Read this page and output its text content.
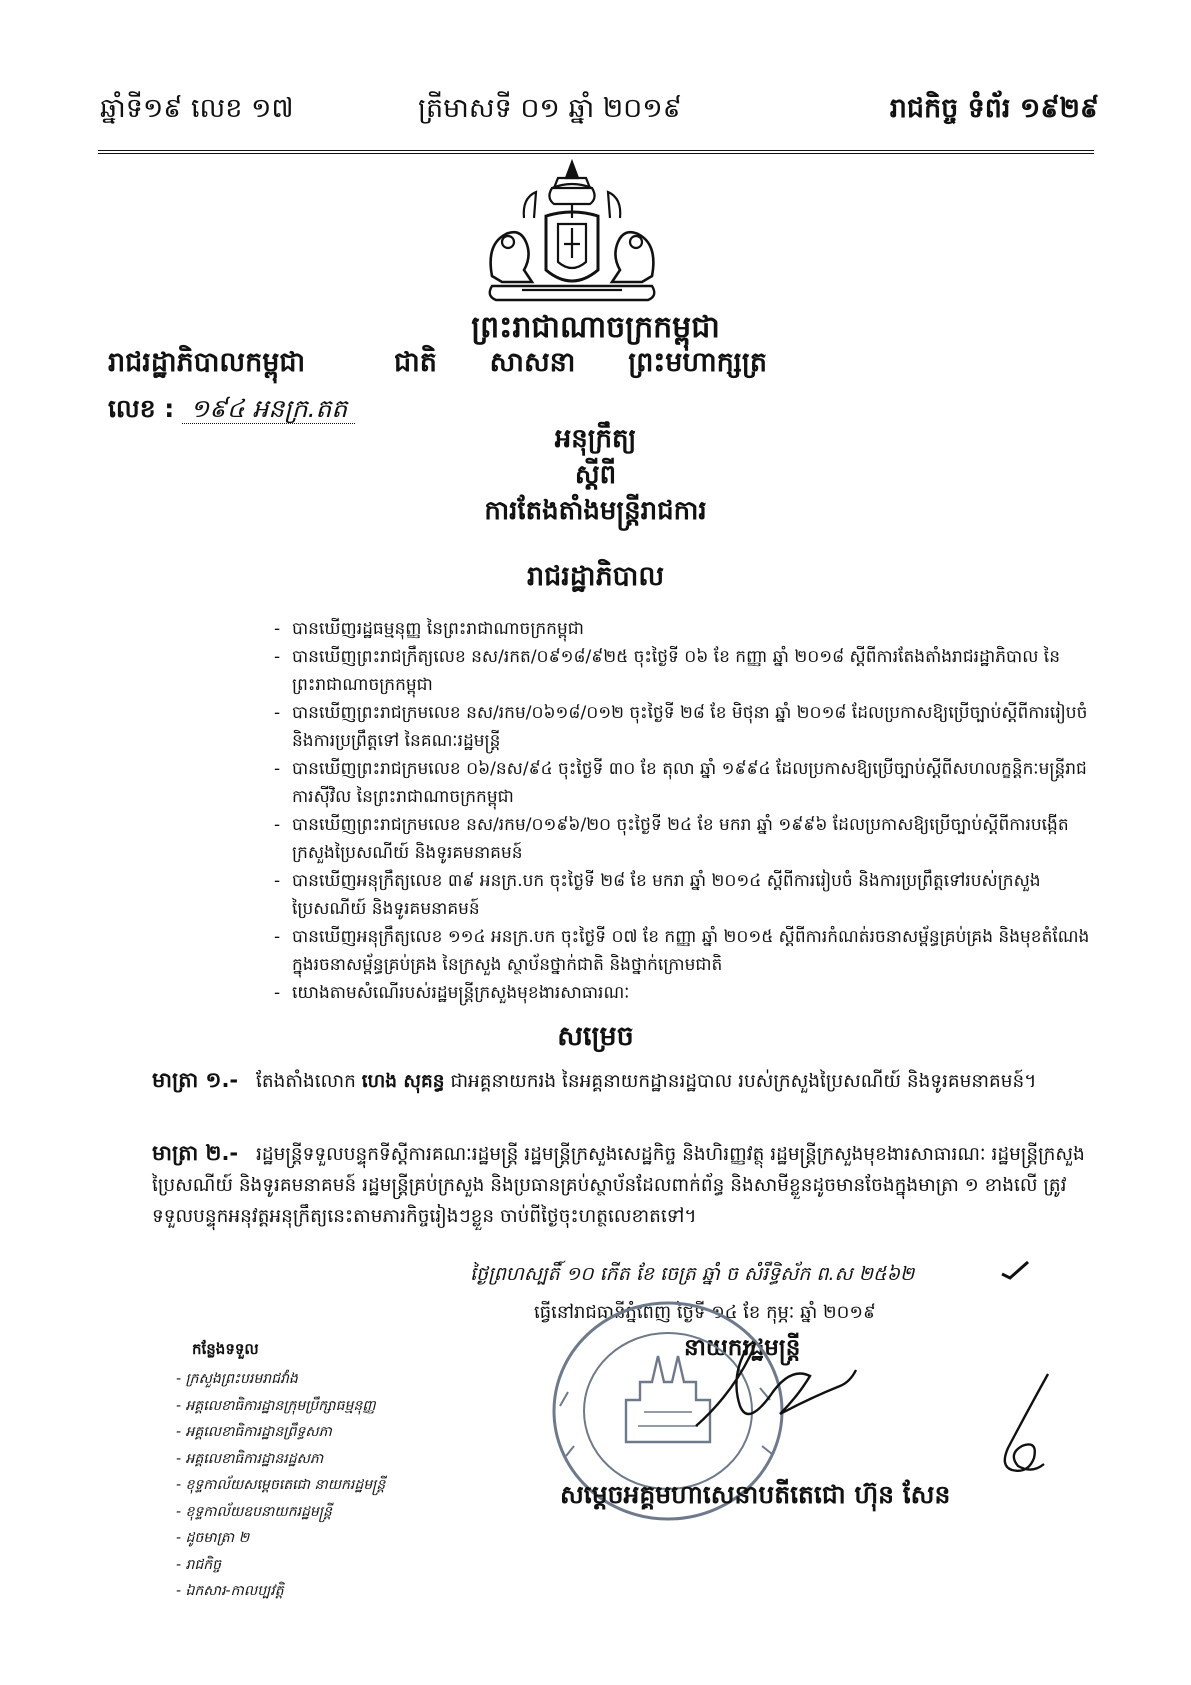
ឆ្នាំទី១៩ លេខ ១៧	ត្រីមាសទី ០១ ឆ្នាំ ២០១៩	រាជកិច្ច ទំព័រ ១៩២៩
ព្រះរាជាណាចក្រកម្ពុជា
រាជរដ្ឋាភិបាលកម្ពុជា	ជាតិ សាសនា ព្រះមហាក្សត្រ
លេខ : ១៩៤ អនក្រ.តត
អនុក្រឹត្យ
ស្តីពី
ការតែងតាំងមន្ត្រីរាជការ
រាជរដ្ឋាភិបាល
- បានឃើញរដ្ឋធម្មនុញ្ញ នៃព្រះរាជាណាចក្រកម្ពុជា
- បានឃើញព្រះរាជក្រឹត្យលេខ នស/រកត/០៩១៨/៩២៥ ចុះថ្ងៃទី ០៦ ខែ កញ្ញា ឆ្នាំ ២០១៨ ស្តីពីការតែងតាំងរាជរដ្ឋាភិបាល នៃព្រះរាជាណាចក្រកម្ពុជា
- បានឃើញព្រះរាជក្រមលេខ នស/រកម/០៦១៨/០១២ ចុះថ្ងៃទី ២៨ ខែ មិថុនា ឆ្នាំ ២០១៨ ដែលប្រកាសឱ្យប្រើច្បាប់ស្តីពីការរៀបចំ និងការប្រព្រឹត្តទៅ នៃគណៈរដ្ឋមន្ត្រី
- បានឃើញព្រះរាជក្រមលេខ ០៦/នស/៩៤ ចុះថ្ងៃទី ៣០ ខែ តុលា ឆ្នាំ ១៩៩៤ ដែលប្រកាសឱ្យប្រើច្បាប់ស្តីពីសហលក្ខន្តិកៈមន្ត្រីរាជការស៊ីវិល នៃព្រះរាជាណាចក្រកម្ពុជា
- បានឃើញព្រះរាជក្រមលេខ នស/រកម/០១៩៦/២០ ចុះថ្ងៃទី ២៤ ខែ មករា ឆ្នាំ ១៩៩៦ ដែលប្រកាសឱ្យប្រើច្បាប់ស្តីពីការបង្កើតក្រសួងប្រៃសណីយ៍ និងទូរគមនាគមន៍
- បានឃើញអនុក្រឹត្យលេខ ៣៩ អនក្រ.បក ចុះថ្ងៃទី ២៨ ខែ មករា ឆ្នាំ ២០១៤ ស្តីពីការរៀបចំ និងការប្រព្រឹត្តទៅរបស់ក្រសួងប្រៃសណីយ៍ និងទូរគមនាគមន៍
- បានឃើញអនុក្រឹត្យលេខ ១១៤ អនក្រ.បក ចុះថ្ងៃទី ០៧ ខែ កញ្ញា ឆ្នាំ ២០១៥ ស្តីពីការកំណត់រចនាសម្ព័ន្ធគ្រប់គ្រង និងមុខតំណែងក្នុងរចនាសម្ព័ន្ធគ្រប់គ្រង នៃក្រសួង ស្ថាប័នថ្នាក់ជាតិ និងថ្នាក់ក្រោមជាតិ
- យោងតាមសំណើរបស់រដ្ឋមន្ត្រីក្រសួងមុខងារសាធារណៈ
សម្រេច
មាត្រា ១.- តែងតាំងលោក ហេង សុគន្ធ ជាអគ្គនាយករង នៃអគ្គនាយកដ្ឋានរដ្ឋបាល របស់ក្រសួងប្រៃសណីយ៍ និងទូរគមនាគមន៍។
មាត្រា ២.- រដ្ឋមន្ត្រីទទួលបន្ទុកទីស្តីការគណៈរដ្ឋមន្ត្រី រដ្ឋមន្ត្រីក្រសួងសេដ្ឋកិច្ច និងហិរញ្ញវត្ថុ រដ្ឋមន្ត្រីក្រសួងមុខងារសាធារណៈ រដ្ឋមន្ត្រីក្រសួងប្រៃសណីយ៍ និងទូរគមនាគមន៍ រដ្ឋមន្ត្រីគ្រប់ក្រសួង និងប្រធានគ្រប់ស្ថាប័នដែលពាក់ព័ន្ធ និងសាមីខ្លួនដូចមានចែងក្នុងមាត្រា ១ ខាងលើ ត្រូវទទួលបន្ទុកអនុវត្តអនុក្រឹត្យនេះតាមភារកិច្ចរៀងៗខ្លួន ចាប់ពីថ្ងៃចុះហត្ថលេខាតទៅ។
ថ្ងៃព្រហស្បតិ៍ ១០ កើត ខែ ចេត្រ ឆ្នាំ ច សំរឹទ្ធិស័ក ព.ស ២៥៦២
ធ្វើនៅរាជធានីភ្នំពេញ ថ្ងៃទី ១៤ ខែ កុម្ភៈ ឆ្នាំ ២០១៩
នាយករដ្ឋមន្ត្រី
សម្តេចអគ្គមហាសេនាបតីតេជោ ហ៊ុន សែន
កន្លែងទទួល
- ក្រសួងព្រះបរមរាជវាំង
- អគ្គលេខាធិការដ្ឋានក្រុមប្រឹក្សាធម្មនុញ្ញ
- អគ្គលេខាធិការដ្ឋានព្រឹទ្ធសភា
- អគ្គលេខាធិការដ្ឋានរដ្ឋសភា
- ខុទ្ទកាល័យសម្តេចតេជោ នាយករដ្ឋមន្ត្រី
- ខុទ្ទកាល័យឧបនាយករដ្ឋមន្ត្រី
- ដូចមាត្រា ២
- រាជកិច្ច
- ឯកសារ-កាលប្បវត្តិ
